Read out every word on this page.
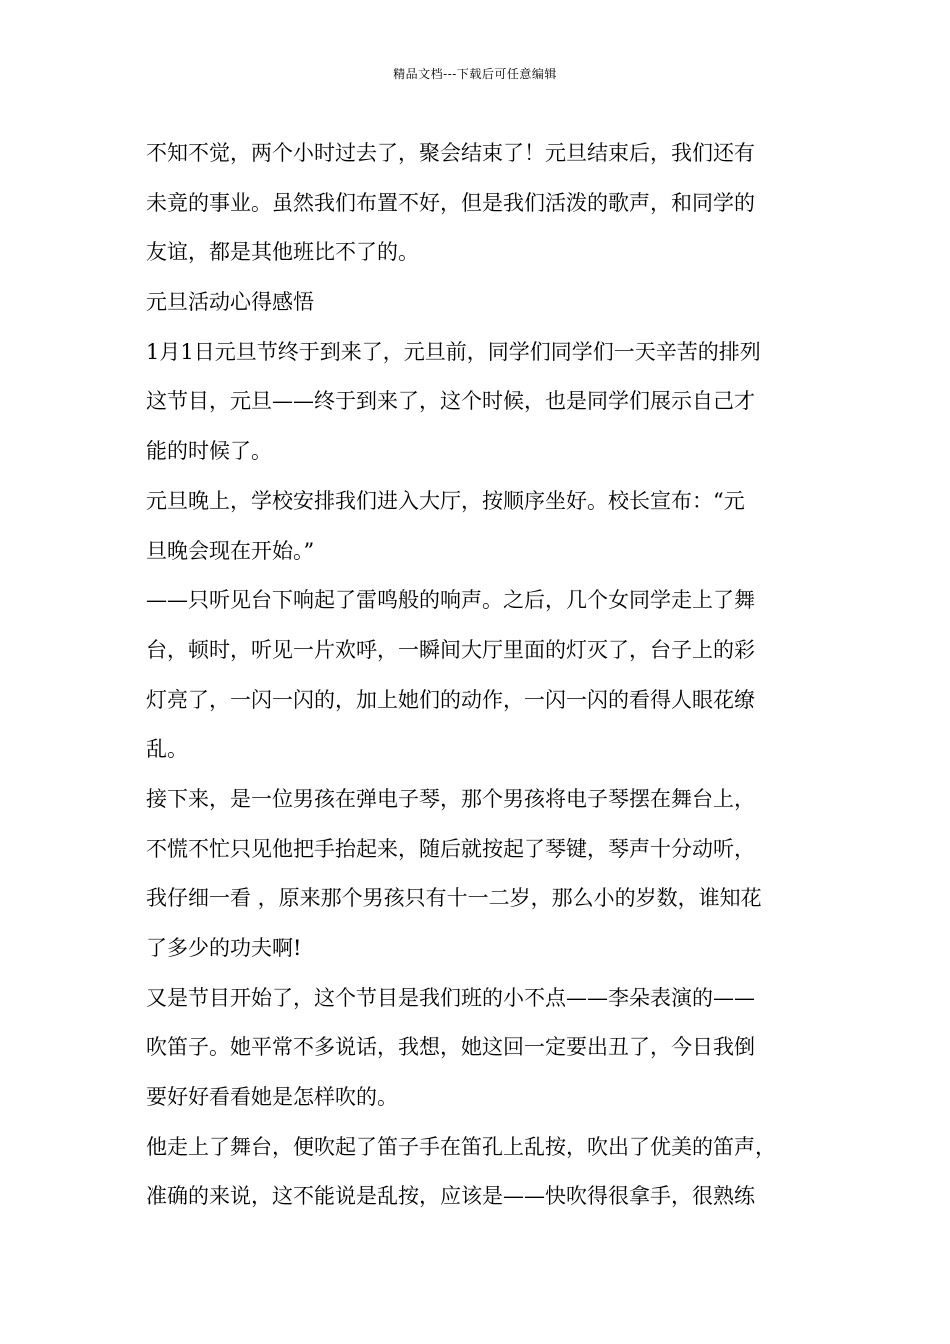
精品文档---下载后可任意编辑
不知不觉，两个小时过去了，聚会结束了！元旦结束后，我们还有
未竟的事业。虽然我们布置不好，但是我们活泼的歌声，和同学的
友谊，都是其他班比不了的。
元旦活动心得感悟
1月1日元旦节终于到来了，元旦前，同学们同学们一天辛苦的排列
这节目，元旦——终于到来了，这个时候，也是同学们展示自己才
能的时候了。
元旦晚上，学校安排我们进入大厅，按顺序坐好。校长宣布：“元
旦晚会现在开始。”
——只听见台下响起了雷鸣般的响声。之后，几个女同学走上了舞
台，顿时，听见一片欢呼，一瞬间大厅里面的灯灭了，台子上的彩
灯亮了，一闪一闪的，加上她们的动作，一闪一闪的看得人眼花缭
乱。
接下来，是一位男孩在弹电子琴，那个男孩将电子琴摆在舞台上，
不慌不忙只见他把手抬起来，随后就按起了琴键，琴声十分动听，
我仔细一看 ，原来那个男孩只有十一二岁，那么小的岁数，谁知花
了多少的功夫啊!
又是节目开始了，这个节目是我们班的小不点——李朵表演的——
吹笛子。她平常不多说话，我想，她这回一定要出丑了，今日我倒
要好好看看她是怎样吹的。
他走上了舞台，便吹起了笛子手在笛孔上乱按，吹出了优美的笛声，
准确的来说，这不能说是乱按，应该是——快吹得很拿手，很熟练
